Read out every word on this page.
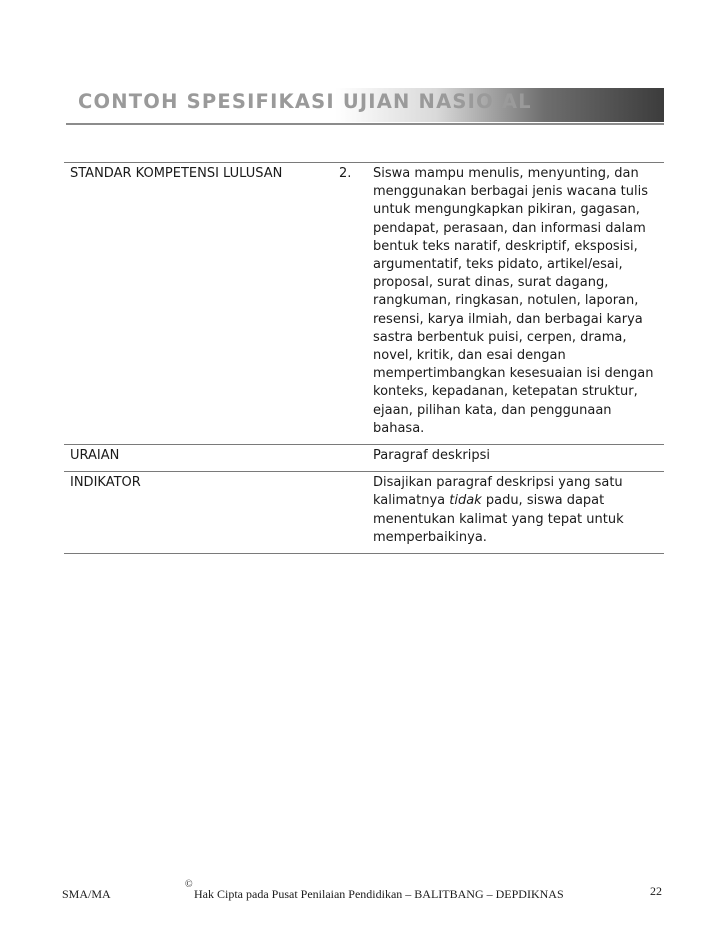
CONTOH SPESIFIKASI UJIAN NASIO AL
STANDAR KOMPETENSI LULUSAN	2.	Siswa mampu menulis, menyunting, dan menggunakan berbagai jenis wacana tulis untuk mengungkapkan pikiran, gagasan, pendapat, perasaan, dan informasi dalam bentuk teks naratif, deskriptif, eksposisi, argumentatif, teks pidato, artikel/esai, proposal, surat dinas, surat dagang, rangkuman, ringkasan, notulen, laporan, resensi, karya ilmiah, dan berbagai karya sastra berbentuk puisi, cerpen, drama, novel, kritik, dan esai dengan mempertimbangkan kesesuaian isi dengan konteks, kepadanan, ketepatan struktur, ejaan, pilihan kata, dan penggunaan bahasa.
URAIAN		Paragraf deskripsi
INDIKATOR		Disajikan paragraf deskripsi yang satu kalimatnya tidak padu, siswa dapat menentukan kalimat yang tepat untuk memperbaikinya.
SMA/MA
©
Hak Cipta pada Pusat Penilaian Pendidikan – BALITBANG – DEPDIKNAS	22
